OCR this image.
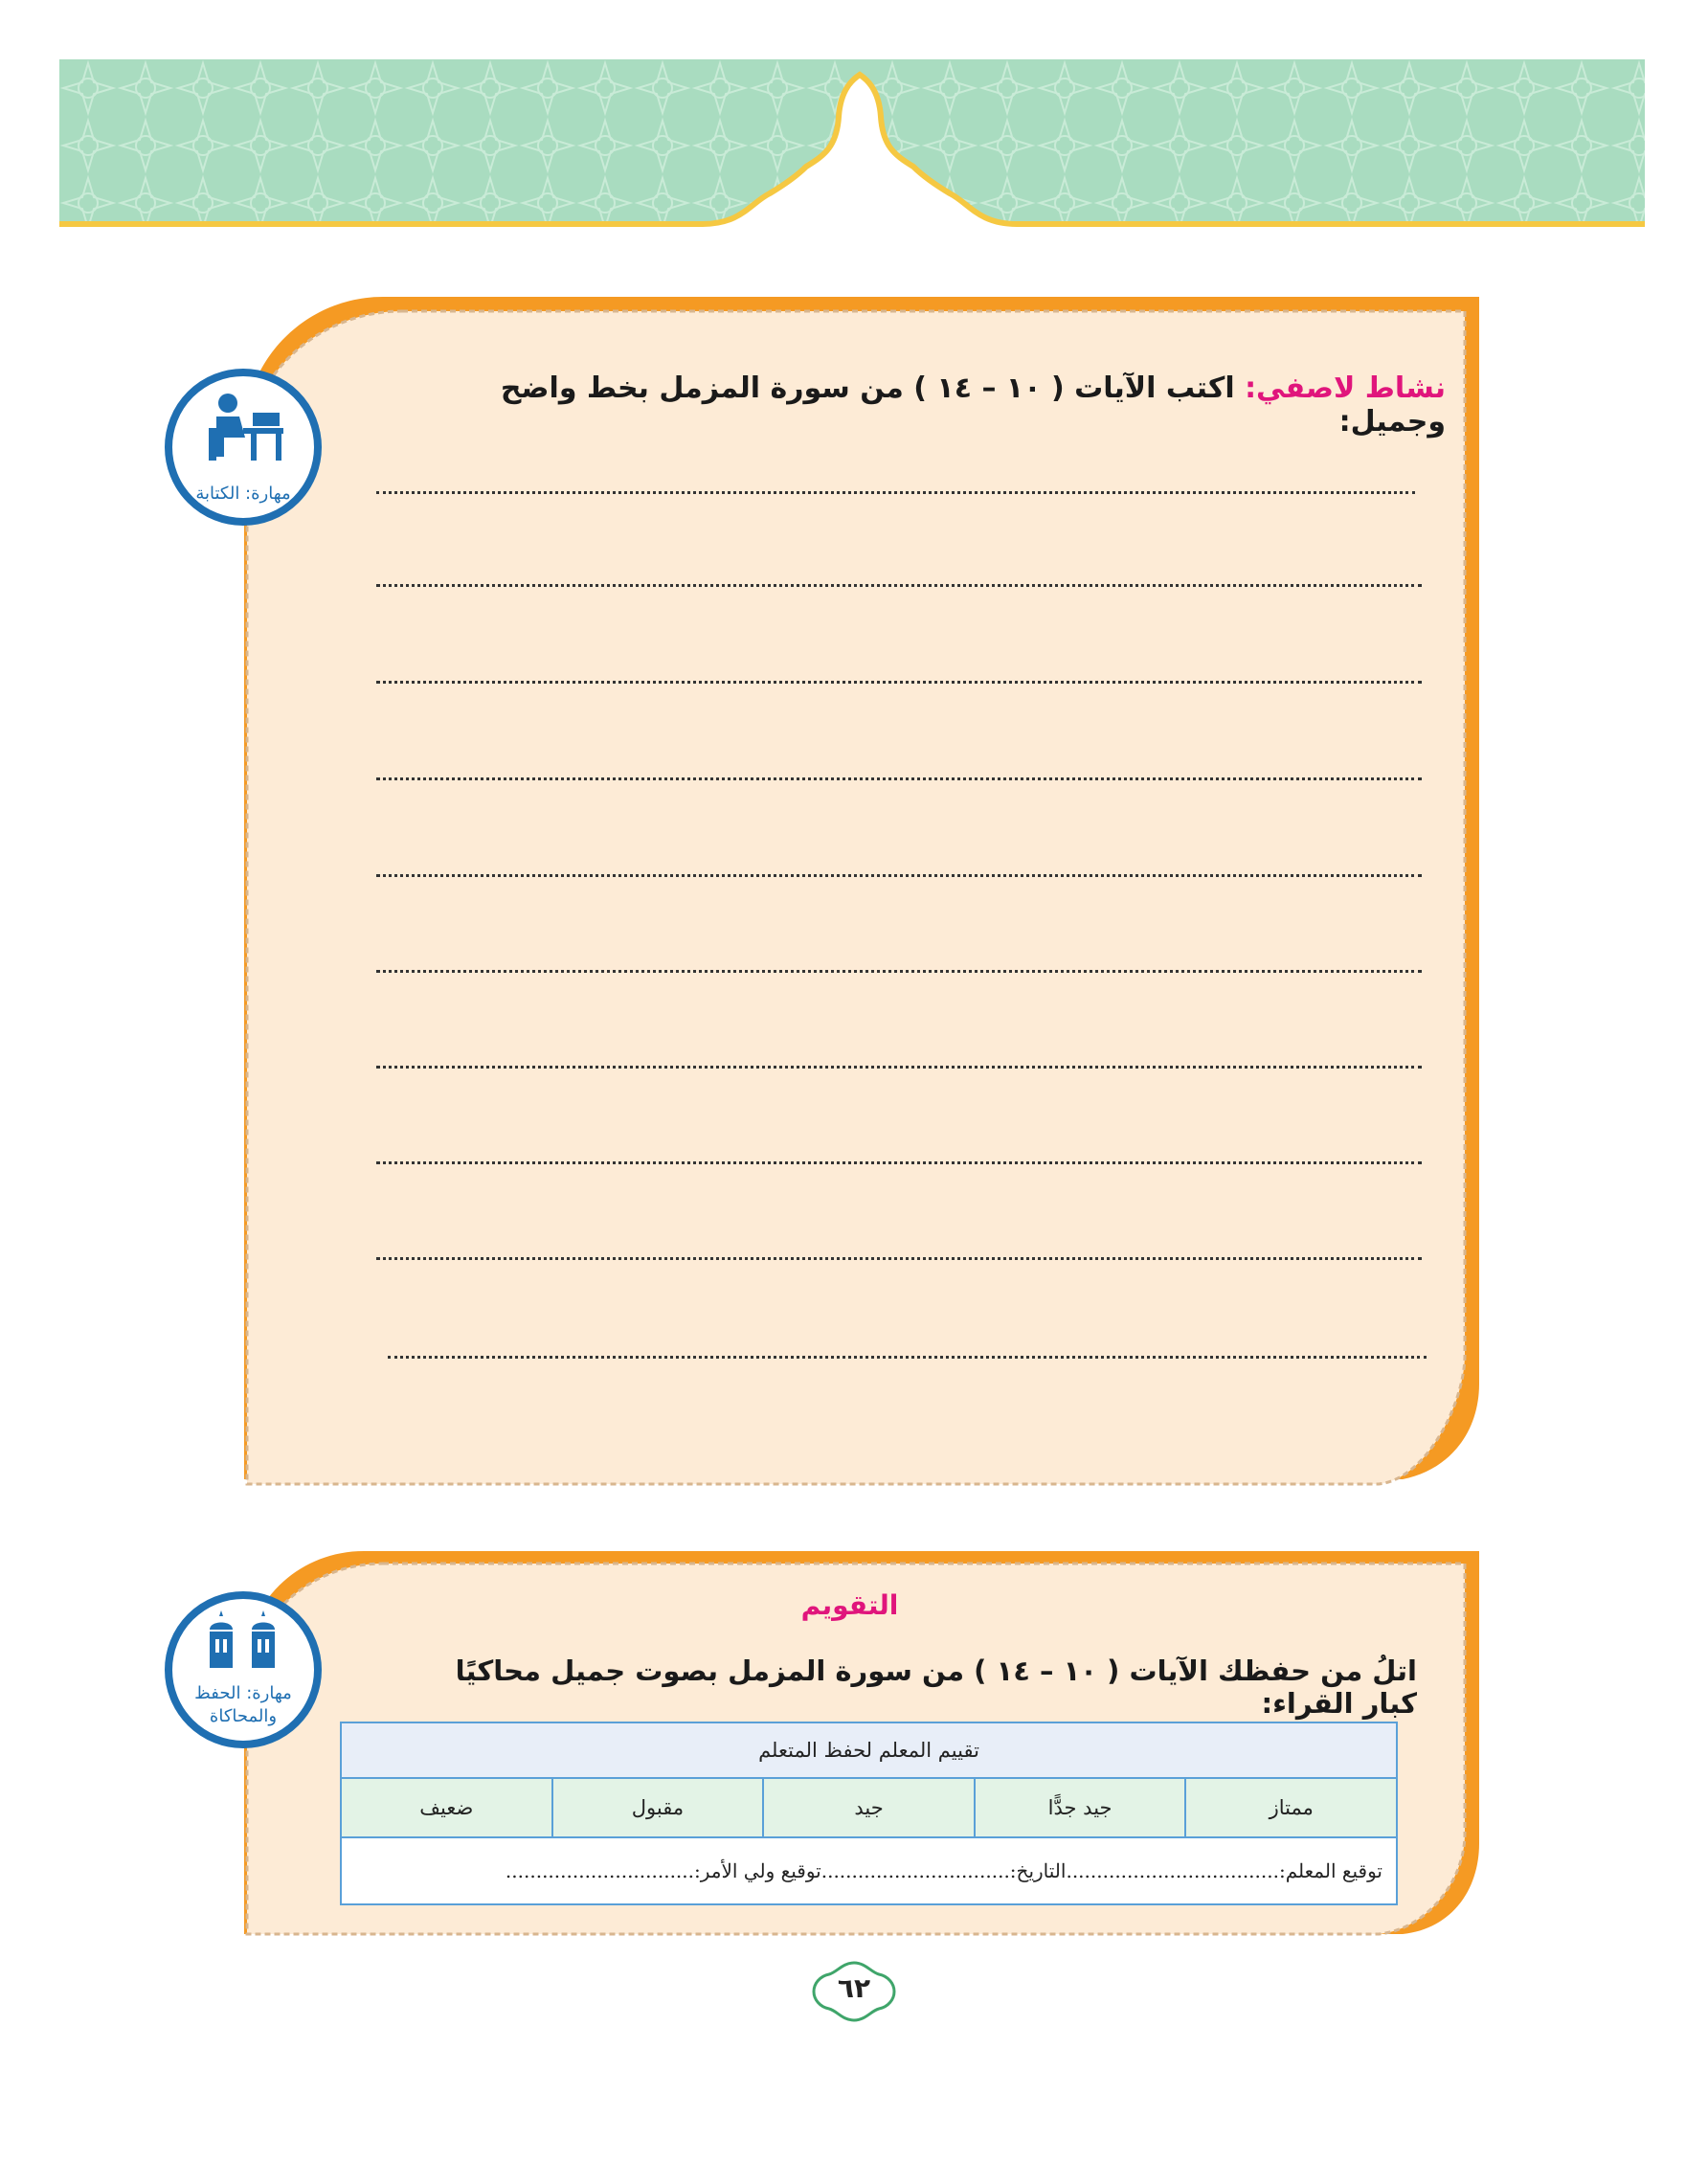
نشاط لاصفي: اكتب الآيات ( ١٠ – ١٤ ) من سورة المزمل بخط واضح وجميل:
مهارة: الكتابة
التقويم
اتلُ من حفظك الآيات ( ١٠ – ١٤ ) من سورة المزمل بصوت جميل محاكيًا كبار القراء:
مهارة: الحفظ
والمحاكاة
تقييم المعلم لحفظ المتعلم
ممتاز	جيد جدًّا	جيد	مقبول	ضعيف
توقيع المعلم:...................................التاريخ:...............................توقيع ولي الأمر:...............................
٦٢
